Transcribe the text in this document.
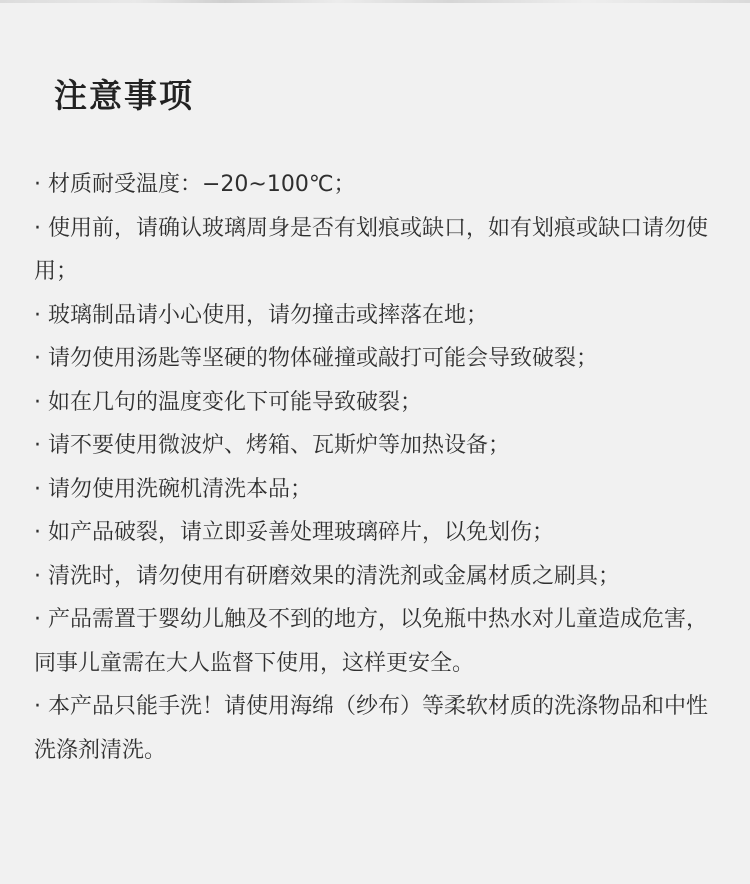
注意事项
· 材质耐受温度：−20~100℃；
· 使用前，请确认玻璃周身是否有划痕或缺口，如有划痕或缺口请勿使用；
· 玻璃制品请小心使用，请勿撞击或摔落在地；
· 请勿使用汤匙等坚硬的物体碰撞或敲打可能会导致破裂；
· 如在几句的温度变化下可能导致破裂；
· 请不要使用微波炉、烤箱、瓦斯炉等加热设备；
· 请勿使用洗碗机清洗本品；
· 如产品破裂，请立即妥善处理玻璃碎片，以免划伤；
· 清洗时，请勿使用有研磨效果的清洗剂或金属材质之刷具；
· 产品需置于婴幼儿触及不到的地方，以免瓶中热水对儿童造成危害，同事儿童需在大人监督下使用，这样更安全。
· 本产品只能手洗！请使用海绵（纱布）等柔软材质的洗涤物品和中性洗涤剂清洗。
